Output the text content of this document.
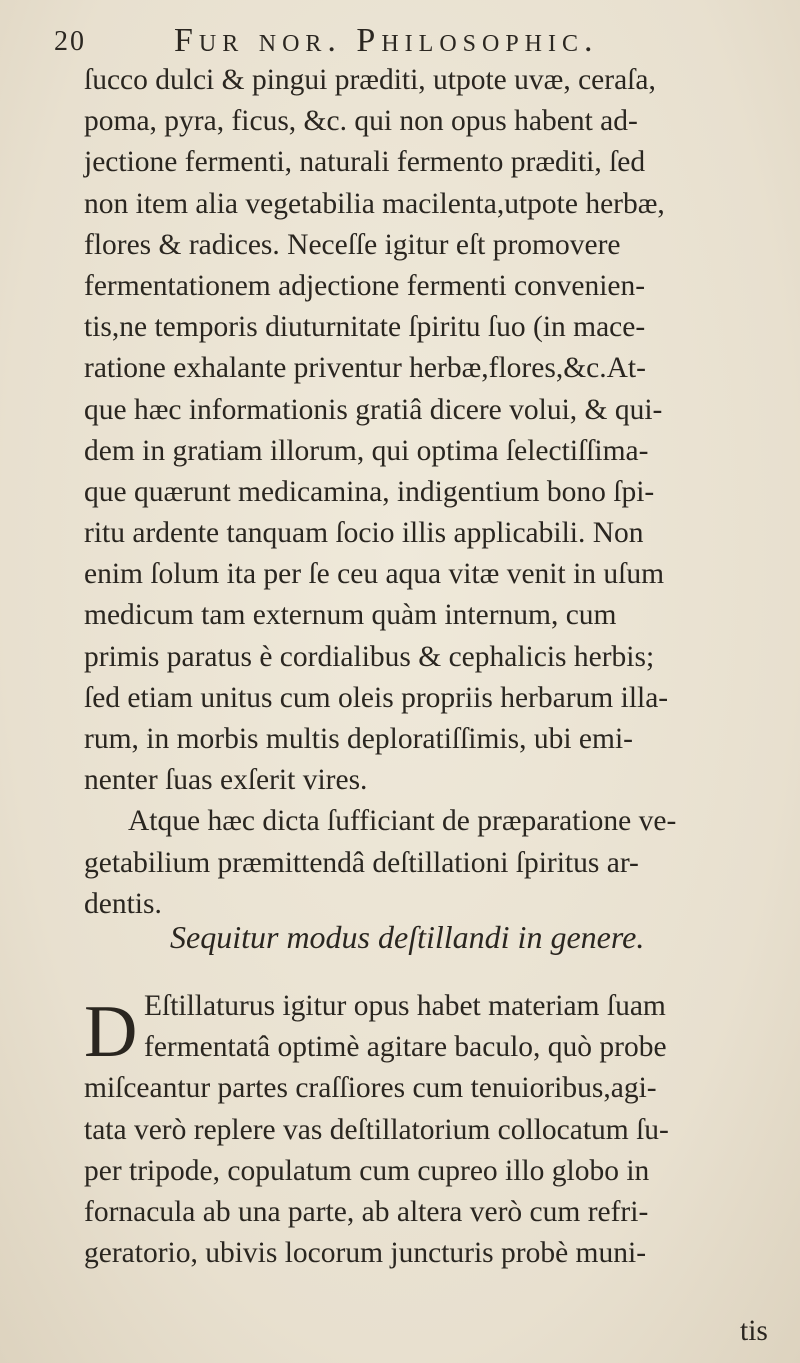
20	Fur nor. Philosophic.
ſucco dulci & pingui præditi, utpote uvæ, ceraſa,
poma, pyra, ficus, &c. qui non opus habent ad-
jectione fermenti, naturali fermento præditi, ſed
non item alia vegetabilia macilenta,utpote herbæ,
flores & radices. Neceſſe igitur eſt promovere
fermentationem adjectione fermenti convenien-
tis,ne temporis diuturnitate ſpiritu ſuo (in mace-
ratione exhalante priventur herbæ,flores,&c.At-
que hæc informationis gratiâ dicere volui, & qui-
dem in gratiam illorum, qui optima ſelectiſſima-
que quærunt medicamina, indigentium bono ſpi-
ritu ardente tanquam ſocio illis applicabili. Non
enim ſolum ita per ſe ceu aqua vitæ venit in uſum
medicum tam externum quàm internum, cum
primis paratus è cordialibus & cephalicis herbis;
ſed etiam unitus cum oleis propriis herbarum illa-
rum, in morbis multis deploratiſſimis, ubi emi-
nenter ſuas exſerit vires.
Atque hæc dicta ſufficiant de præparatione ve-
getabilium præmittendâ deſtillationi ſpiritus ar-
dentis.
Sequitur modus deſtillandi in genere.
D Eſtillaturus igitur opus habet materiam ſuam
fermentatâ optimè agitare baculo, quò probe
miſceantur partes craſſiores cum tenuioribus,agi-
tata verò replere vas deſtillatorium collocatum ſu-
per tripode, copulatum cum cupreo illo globo in
fornacula ab una parte, ab altera verò cum refri-
geratorio, ubivis locorum juncturis probè muni-
tis
